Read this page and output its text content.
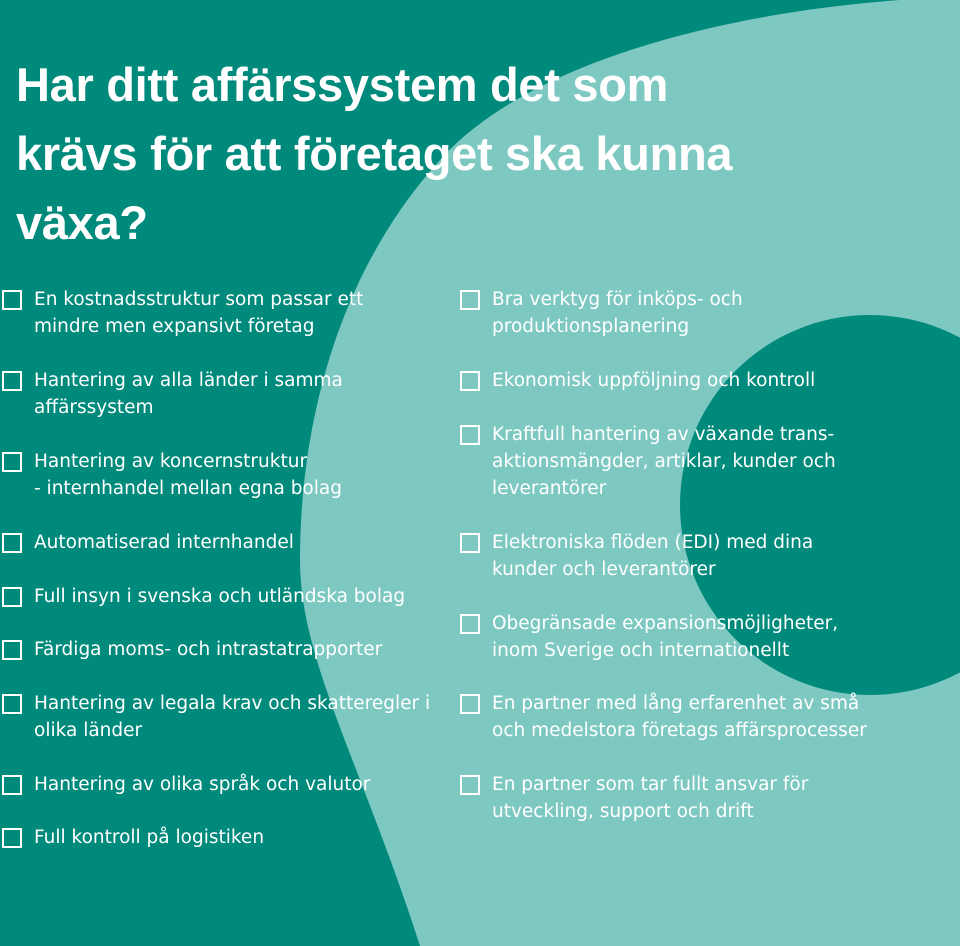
Har ditt affärssystem det som
krävs för att företaget ska kunna
växa?
En kostnadsstruktur som passar ett
mindre men expansivt företag
Hantering av alla länder i samma
affärssystem
Hantering av koncernstruktur
- internhandel mellan egna bolag
Automatiserad internhandel
Full insyn i svenska och utländska bolag
Färdiga moms- och intrastatrapporter
Hantering av legala krav och skatteregler i olika länder
Hantering av olika språk och valutor
Full kontroll på logistiken
Bra verktyg för inköps- och
produktionsplanering
Ekonomisk uppföljning och kontroll
Kraftfull hantering av växande trans-
aktionsmängder, artiklar, kunder och
leverantörer
Elektroniska flöden (EDI) med dina
kunder och leverantörer
Obegränsade expansionsmöjligheter,
inom Sverige och internationellt
En partner med lång erfarenhet av små
och medelstora företags affärsprocesser
En partner som tar fullt ansvar för
utveckling, support och drift
